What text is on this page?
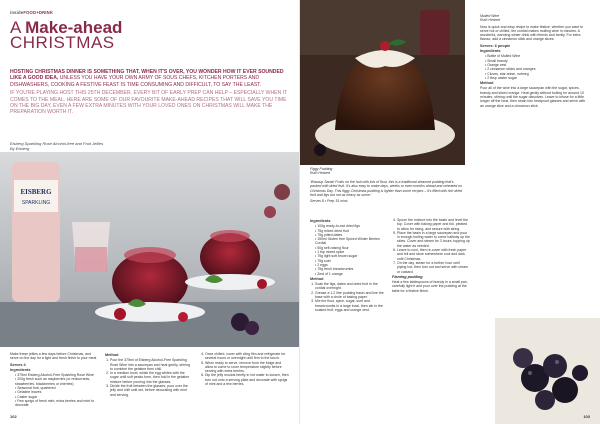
insideFOOD+DRINK
A Make-ahead
CHRISTMAS

HOSTING CHRISTMAS DINNER IS SOMETHING THAT, WHEN IT'S OVER, YOU WONDER HOW IT EVER SOUNDED LIKE A GOOD IDEA, UNLESS YOU HAVE YOUR OWN ARMY OF SOUS CHEFS, KITCHEN PORTERS AND DISHWASHERS, COOKING A FESTIVE FEAST IS TIME CONSUMING AND DIFFICULT, TO SAY THE LEAST.

IF YOU'RE PLAYING HOST THIS 25TH DECEMBER, EVERY BIT OF EARLY PREP CAN HELP – ESPECIALLY WHEN IT COMES TO THE MEAL. HERE ARE SOME OF OUR FAVOURITE MAKE-AHEAD RECIPES THAT WILL SAVE YOU TIME ON THE BIG DAY, EVEN A FEW EXTRA MINUTES WITH YOUR LOVED ONES ON CHRISTMAS WILL MAKE THE PREPARATION WORTH IT.

Eisberg Sparkling Rosé Alcohol-free and Fruit Jellies
By Eisberg
EISBERG
SPARKLING

Make these jellies a few days before Christmas, and serve on the day for a light and fresh finish to your meal.

Serves 4

Ingredients

• 375ml Eisberg Alcohol-Free Sparkling Rosé Wine
• 200g fresh such as raspberries (or redcurrants, strawberries, blackberries or cherries)
• Seasonal fruit, quartered
• Gelatine leaves
• Caster sugar
• Few sprigs of fresh mint, extra berries and mint to decorate

Method

1. Pour the 375ml of Eisberg Alcohol-Free Sparkling Rosé Wine into a saucepan and heat gently, stirring to combine the gelatine then chill.
2. In a medium bowl, whisk the egg whites with the sugar until soft peaks form, then fold in the gelatine mixture before pouring into the glasses.
3. Divide the fruit between the glasses, pour over the jelly and chill until set, before decorating with mint and serving.
4. Once chilled, cover with cling film and refrigerate for several hours or overnight until firm to the touch.
5. When ready to serve, remove from the fridge and allow to come to room temperature slightly before serving with extra berries.
6. Dip the jelly moulds briefly in hot water to loosen, then turn out onto a serving plate and decorate with sprigs of mint and a few berries.
102
Figgy Pudding
Ruth Herbert

'Wassup Santa! Fruits on the hob with lots of flour, this is a traditional steamed pudding that's packed with dried fruit. It's also easy to make days, weeks or even months ahead and reheated on Christmas Day. This figgy Christmas pudding is lighter than some recipes – it's filled with rich dried fruit and figs but not as heavy as some.'

Serves 8 • Prep 15 mins

Ingredients

• 100g ready-to-eat dried figs
• 75g mixed dried fruit
• 75g pitted dates
• 150ml Gluten free Spiced Winter Berries Cordial
• 50g self-raising flour
• 1 tsp mixed spice
• 75g light soft brown sugar
• 75g suet
• 2 eggs
• 75g fresh breadcrumbs
• Zest of 1 orange

Method

1. Soak the figs, dates and dried fruit in the cordial overnight.
2. Grease a 1.2 litre pudding basin and line the base with a circle of baking paper.
3. Mix the flour, spice, sugar, suet and breadcrumbs in a large bowl, then stir in the soaked fruit, eggs and orange zest.
4. Spoon the mixture into the basin and level the top. Cover with baking paper and foil, pleated to allow for rising, and secure with string.
5. Place the basin in a large saucepan and pour in enough boiling water to come halfway up the sides. Cover and steam for 3 hours, topping up the water as needed.
6. Leave to cool, then re-cover with fresh paper and foil and store somewhere cool and dark until Christmas.
7. On the day, steam for a further hour until piping hot, then turn out and serve with cream or custard.

Flaming pudding

Heat a few tablespoons of brandy in a small pan, carefully light it and pour over the pudding at the table for a festive finish.

Mulled Wine
Ruth Herbert

Now is quick and easy recipe to make festive, whether you want to serve hot or chilled, the cordial makes mulling wine in minutes. A wonderful, warming winter drink with friends and family. For extra flavour, add a cinnamon stick and orange slices.

Serves: 6 people

Ingredients

• Bottle of Mulled Wine
• Small brandy
• Orange zest
• 2 cinnamon sticks and oranges
• Cloves, star anise, nutmeg
• 2 tbsp caster sugar

Method

Pour all of the wine into a large saucepan with the sugar, spices, brandy and sliced orange. Heat gently without boiling for around 10 minutes, stirring until the sugar dissolves. Leave to infuse for a little longer off the heat, then strain into heatproof glasses and serve with an orange slice and a cinnamon stick.

103
